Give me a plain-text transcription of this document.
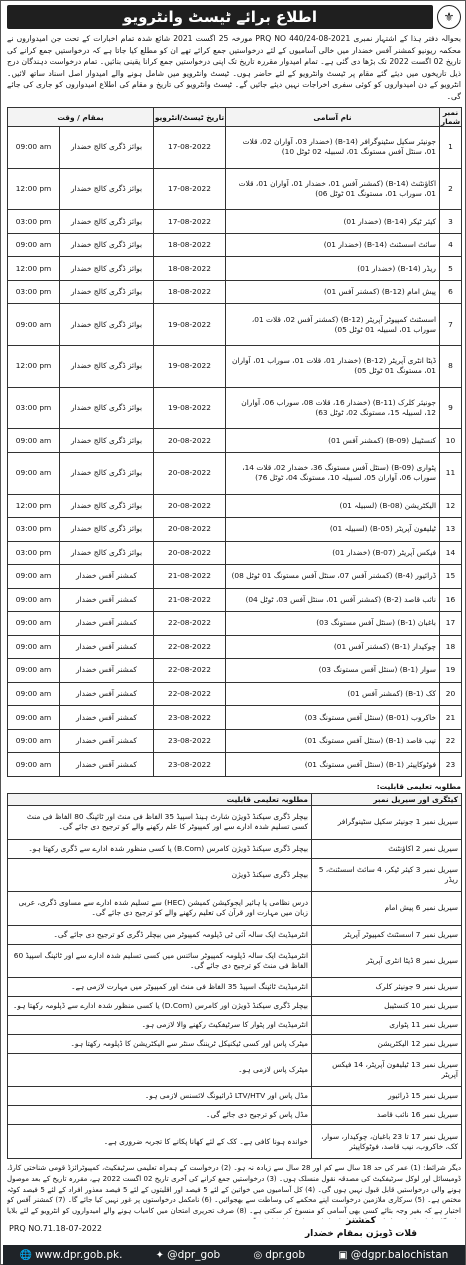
اطلاع برائے ٹیسٹ وانٹرویو	⚜
بحوالہ دفتر ہذا کے اشتہار نمبری PRQ NO 440/24-08-2021 مورخہ 25 اگست 2021 شائع شدہ تمام اخبارات کے تحت جن امیدواروں نے محکمہ ریونیو کمشنر آفس خضدار میں خالی آسامیوں کے لئے درخواستیں جمع کرائے تھے ان کو مطلع کیا جاتا ہے کہ درخواستیں جمع کرانے کی تاریخ 02 اگست 2022 تک بڑھا دی گئی ہے۔ تمام امیدوار مقررہ تاریخ تک اپنی درخواستیں جمع کرانا یقینی بنائیں۔ تمام درخواست دہندگان درج ذیل تاریخوں میں دیئے گئے مقام پر ٹیسٹ وانٹرویو کے لئے حاضر ہوں۔ ٹیسٹ وانٹرویو میں شامل ہونے والے امیدوار اصل اسناد ساتھ لائیں۔ انٹرویو کے دن امیدواروں کو کوئی سفری اخراجات نہیں دیئے جائیں گے۔ ٹیسٹ وانٹرویو کی تاریخ و مقام کی اطلاع امیدواروں کو جاری کی جائے گی۔
نمبر شمار	نام آسامی	تاریخ ٹیسٹ/انٹرویو	بمقام / وقت	
1	جونیئر سکیل سٹینوگرافر (B-14) (خضدار 03، آواران 02، قلات 01، سنٹل آفس مستونگ 01، لسبیلہ 02 ٹوٹل 10)	17-08-2022	بوائز ڈگری کالج خضدار	09:00 am
2	اکاؤنٹنٹ (B-14) (کمشنر آفس 01، خضدار 01، آواران 01، قلات 01، سوراب 01، مستونگ 01 ٹوٹل 06)	17-08-2022	بوائز ڈگری کالج خضدار	12:00 pm
3	کیئر ٹیکر (B-14) (خضدار 01)	17-08-2022	بوائز ڈگری کالج خضدار	03:00 pm
4	سائٹ اسسٹنٹ (B-14) (خضدار 01)	18-08-2022	بوائز ڈگری کالج خضدار	09:00 am
5	ریڈر (B-14) (خضدار 01)	18-08-2022	بوائز ڈگری کالج خضدار	12:00 pm
6	پیش امام (B-12) (کمشنر آفس 01)	18-08-2022	بوائز ڈگری کالج خضدار	03:00 pm
7	اسسٹنٹ کمپیوٹر آپریٹر (B-12) (کمشنر آفس 02، قلات 01، سوراب 01، لسبیلہ 01 ٹوٹل 05)	19-08-2022	بوائز ڈگری کالج خضدار	09:00 am
8	ڈیٹا انٹری آپریٹر (B-12) (خضدار 01، قلات 01، سوراب 01، آواران 01، مستونگ 01 ٹوٹل 05)	19-08-2022	بوائز ڈگری کالج خضدار	12:00 pm
9	جونیئر کلرک (B-11) (خضدار 16، قلات 08، سوراب 06، آواران 12، لسبیلہ 15، مستونگ 02، ٹوٹل 63)	19-08-2022	بوائز ڈگری کالج خضدار	03:00 pm
10	کنسٹیبل (B-09) (کمشنر آفس 01)	20-08-2022	بوائز ڈگری کالج خضدار	09:00 am
11	پٹواری (B-09) (سنٹل آفس مستونگ 36، خضدار 02، قلات 14، سوراب 06، آواران 05، لسبیلہ 10، مستونگ 04، ٹوٹل 76)	20-08-2022	بوائز ڈگری کالج خضدار	09:00 am
12	الیکٹریشن (B-08) (لسبیلہ 01)	20-08-2022	بوائز ڈگری کالج خضدار	12:00 pm
13	ٹیلیفون آپریٹر (B-05) (لسبیلہ 01)	20-08-2022	بوائز ڈگری کالج خضدار	03:00 pm
14	فیکس آپریٹر (B-07) (خضدار 01)	20-08-2022	بوائز ڈگری کالج خضدار	03:00 pm
15	ڈرائیور (B-4) (کمشنر آفس 07، سنٹل آفس مستونگ 01 ٹوٹل 08)	21-08-2022	کمشنر آفس خضدار	09:00 am
16	نائب قاصد (B-2) (کمشنر آفس 01، سنٹل آفس 03، ٹوٹل 04)	21-08-2022	کمشنر آفس خضدار	09:00 am
17	باغبان (B-1) (سنٹل آفس مستونگ 03)	22-08-2022	کمشنر آفس خضدار	09:00 am
18	چوکیدار (B-1) (کمشنر آفس 01)	22-08-2022	کمشنر آفس خضدار	09:00 am
19	سوار (B-1) (سنٹل آفس مستونگ 03)	22-08-2022	کمشنر آفس خضدار	09:00 am
20	کک (B-1) (کمشنر آفس 01)	22-08-2022	کمشنر آفس خضدار	09:00 am
21	خاکروب (B-01) (سنٹل آفس مستونگ 03)	23-08-2022	کمشنر آفس خضدار	09:00 am
22	نیب قاصد (B-1) (سنٹل آفس مستونگ 01)	23-08-2022	کمشنر آفس خضدار	09:00 am
23	فوٹوکاپیئر (B-1) (سنٹل آفس مستونگ 01)	23-08-2022	کمشنر آفس خضدار	09:00 am
مطلوبہ تعلیمی قابلیت:
کیٹگری اور سیریل نمبر	مطلوبہ تعلیمی قابلیت
سیریل نمبر 1 جونیئر سکیل سٹینوگرافر	بیچلر ڈگری سیکنڈ ڈویژن شارٹ ہینڈ اسپیڈ 35 الفاظ فی منٹ اور ٹائپنگ 80 الفاظ فی منٹ کسی تسلیم شدہ ادارے سے اور کمپیوٹر کا علم رکھنے والے کو ترجیح دی جائے گی۔
سیریل نمبر 2 اکاؤنٹنٹ	بیچلر ڈگری سیکنڈ ڈویژن کامرس (B.Com) یا کسی منظور شدہ ادارے سے ڈگری رکھتا ہو۔
سیریل نمبر 3 کیئر ٹیکر، 4 سائٹ اسسٹنٹ، 5 ریڈر	بیچلر ڈگری سیکنڈ ڈویژن
سیریل نمبر 6 پیش امام	درس نظامی یا ہائیر ایجوکیشن کمیشن (HEC) سے تسلیم شدہ ادارے سے مساوی ڈگری، عربی زبان میں مہارت اور قرآن کی تعلیم رکھنے والے کو ترجیح دی جائے گی۔
سیریل نمبر 7 اسسٹنٹ کمپیوٹر آپریٹر	انٹرمیڈیٹ ایک سالہ آئی ٹی ڈپلومہ کمپیوٹر میں بیچلر ڈگری کو ترجیح دی جائے گی۔
سیریل نمبر 8 ڈیٹا انٹری آپریٹر	انٹرمیڈیٹ ایک سالہ ڈپلومہ کمپیوٹر سائنس میں کسی تسلیم شدہ ادارے سے اور ٹائپنگ اسپیڈ 60 الفاظ فی منٹ کو ترجیح دی جائے گی۔
سیریل نمبر 9 جونیئر کلرک	انٹرمیڈیٹ ٹائپنگ اسپیڈ 35 الفاظ فی منٹ اور کمپیوٹر میں مہارت لازمی ہے۔
سیریل نمبر 10 کنسٹیبل	بیچلر ڈگری سیکنڈ ڈویژن اور کامرس (D.Com) یا کسی منظور شدہ ادارے سے ڈپلومہ رکھتا ہو۔
سیریل نمبر 11 پٹواری	انٹرمیڈیٹ اور پٹوار کا سرٹیفکیٹ رکھنے والا لازمی ہو۔
سیریل نمبر 12 الیکٹریشن	میٹرک پاس اور کسی ٹیکنیکل ٹریننگ سنٹر سے الیکٹریشن کا ڈپلومہ رکھتا ہو۔
سیریل نمبر 13 ٹیلیفون آپریٹر، 14 فیکس آپریٹر	میٹرک پاس لازمی ہو۔
سیریل نمبر 15 ڈرائیور	مڈل پاس اور LTV/HTV ڈرائیونگ لائسنس لازمی ہو۔
سیریل نمبر 16 نائب قاصد	مڈل پاس کو ترجیح دی جائے گی۔
سیریل نمبر 17 تا 23 باغبان، چوکیدار، سوار، کک، خاکروب، نیب قاصد، فوٹوکاپیئر	خواندہ ہونا کافی ہے۔ کک کے لئے کھانا پکانے کا تجربہ ضروری ہے۔
دیگر شرائط: (1) عمر کی حد 18 سال سے کم اور 28 سال سے زیادہ نہ ہو۔ (2) درخواست کے ہمراہ تعلیمی سرٹیفکیٹ، کمپیوٹرائزڈ قومی شناختی کارڈ، ڈومیسائل اور لوکل سرٹیفکیٹ کی مصدقہ نقول منسلک ہوں۔ (3) درخواستیں جمع کرانے کی آخری تاریخ 02 اگست 2022 ہے، مقررہ تاریخ کے بعد موصول ہونے والی درخواستیں قابل قبول نہیں ہوں گی۔ (4) کل آسامیوں میں خواتین کے لئے 5 فیصد اور اقلیتوں کے لئے 5 فیصد معذور افراد کے لئے 5 فیصد کوٹہ مختص ہے۔ (5) سرکاری ملازمین درخواست اپنے محکمے کی وساطت سے بھجوائیں۔ (6) نامکمل درخواستوں پر غور نہیں کیا جائے گا۔ (7) کمشنر آفس کو اختیار ہے کہ بغیر وجہ بتائے کسی بھی آسامی کو منسوخ کر سکتی ہے۔ (8) صرف تحریری امتحان میں کامیاب ہونے والے امیدواروں کو انٹرویو کے لئے بلایا
PRQ NO.71.18-07-2022
کمشنر
قلات ڈویژن بمقام خضدار
🌐 www.dpr.gob.pk.	✦ @dpr_gob	◎ dpr.gob	▣ @dgpr.balochistan
